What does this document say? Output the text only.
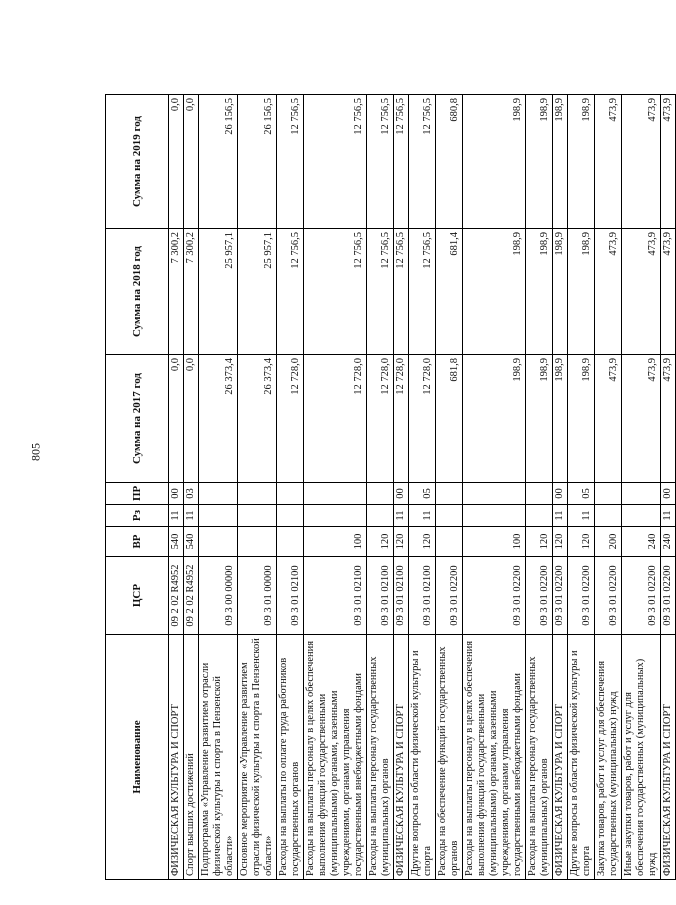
805
Наименование	ЦСР	ВР	Рз	ПР	Сумма на 2017 год	Сумма на 2018 год	Сумма на 2019 год
ФИЗИЧЕСКАЯ КУЛЬТУРА И СПОРТ	09 2 02 R4952	540	11	00	0,0	7 300,2	0,0
Спорт высших достижений	09 2 02 R4952	540	11	03	0,0	7 300,2	0,0
Подпрограмма «Управление развитием отрасли физической культуры и спорта в Пензенской области»	09 3 00 00000				26 373,4	25 957,1	26 156,5
Основное мероприятие «Управление развитием отрасли физической культуры и спорта в Пензенской области»	09 3 01 00000				26 373,4	25 957,1	26 156,5
Расходы на выплаты по оплате труда работников государственных органов	09 3 01 02100				12 728,0	12 756,5	12 756,5
Расходы на выплаты персоналу в целях обеспечения выполнения функций государственными (муниципальными) органами, казенными учреждениями, органами управления государственными внебюджетными фондами	09 3 01 02100	100			12 728,0	12 756,5	12 756,5
Расходы на выплаты персоналу государственных (муниципальных) органов	09 3 01 02100	120			12 728,0	12 756,5	12 756,5
ФИЗИЧЕСКАЯ КУЛЬТУРА И СПОРТ	09 3 01 02100	120	11	00	12 728,0	12 756,5	12 756,5
Другие вопросы в области физической культуры и спорта	09 3 01 02100	120	11	05	12 728,0	12 756,5	12 756,5
Расходы на обеспечение функций государственных органов	09 3 01 02200				681,8	681,4	680,8
Расходы на выплаты персоналу в целях обеспечения выполнения функций государственными (муниципальными) органами, казенными учреждениями, органами управления государственными внебюджетными фондами	09 3 01 02200	100			198,9	198,9	198,9
Расходы на выплаты персоналу государственных (муниципальных) органов	09 3 01 02200	120			198,9	198,9	198,9
ФИЗИЧЕСКАЯ КУЛЬТУРА И СПОРТ	09 3 01 02200	120	11	00	198,9	198,9	198,9
Другие вопросы в области физической культуры и спорта	09 3 01 02200	120	11	05	198,9	198,9	198,9
Закупка товаров, работ и услуг для обеспечения государственных (муниципальных) нужд	09 3 01 02200	200			473,9	473,9	473,9
Иные закупки товаров, работ и услуг для обеспечения государственных (муниципальных) нужд	09 3 01 02200	240			473,9	473,9	473,9
ФИЗИЧЕСКАЯ КУЛЬТУРА И СПОРТ	09 3 01 02200	240	11	00	473,9	473,9	473,9
